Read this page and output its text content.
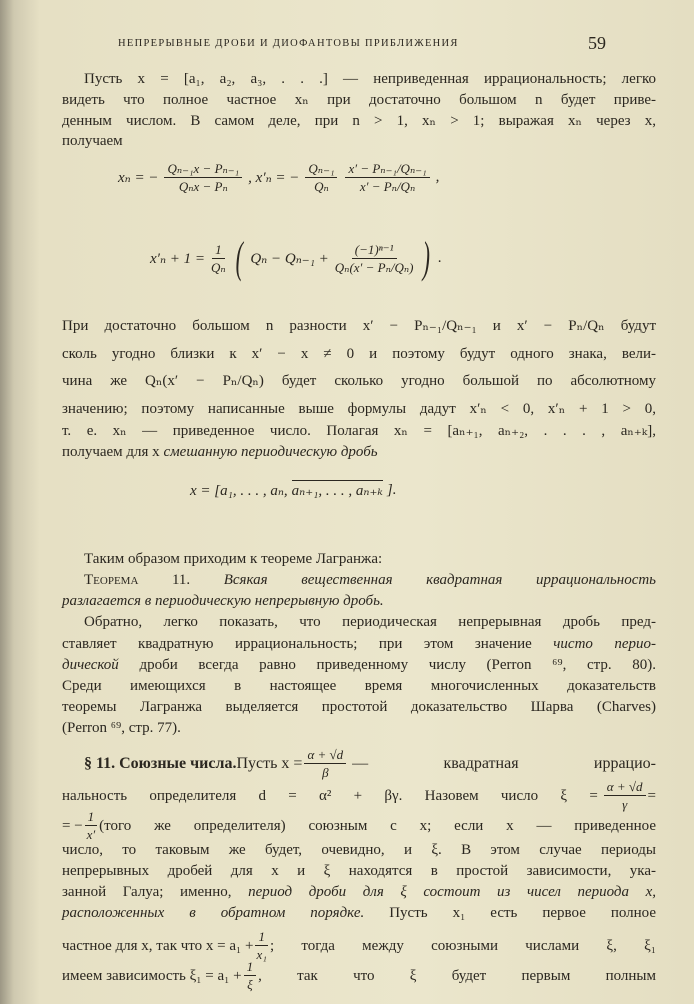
НЕПРЕРЫВНЫЕ ДРОБИ И ДИОФАНТОВЫ ПРИБЛИЖЕНИЯ	59
Пусть x = [a₁, a₂, a₃, . . .] — неприведенная иррациональность; легко
видеть что полное частное xₙ при достаточно большом n будет приве-
денным числом. В самом деле, при n > 1, xₙ > 1; выражая xₙ через x,
получаем
xₙ = −
Qₙ₋₁x − Pₙ₋₁
Qₙx − Pₙ
, x′ₙ = − $\frac{\text{Qₙ₋₁}}{\text{Qₙ}} x' - P_{n-1}/Q_{n-1}$
x′ − Pₙ/Qₙ
,
$x'_n + 1 = \frac{1}{\text{Qₙ}}$ ( $Q_n - Q_{n-1} + \frac{\text{(−1)ⁿ⁻¹}}{\text{Qₙ(x′ − Pₙ/Qₙ)}}$ ) .
При достаточно большом n разности x′ − Pₙ₋₁/Qₙ₋₁ и x′ − Pₙ/Qₙ будут
сколь угодно близки к x′ − x ≠ 0 и поэтому будут одного знака, вели-
чина же Qₙ(x′ − Pₙ/Qₙ) будет сколько угодно большой по абсолютному
значению; поэтому написанные выше формулы дадут x′ₙ < 0, x′ₙ + 1 > 0,
т. е. xₙ — приведенное число. Полагая xₙ = [aₙ₊₁, aₙ₊₂, . . . , aₙ₊ₖ],
получаем для x смешанную периодическую дробь
x = [a₁, . . . , aₙ, aₙ₊₁, . . . , aₙ₊ₖ ].
Таким образом приходим к теореме Лагранжа:
Теорема 11. Всякая вещественная квадратная иррациональность
разлагается в периодическую непрерывную дробь.
Обратно, легко показать, что периодическая непрерывная дробь пред-
ставляет квадратную иррациональность; при этом значение чисто перио-
дической дроби всегда равно приведенному числу (Perron ⁶⁹, стр. 80).
Среди имеющихся в настоящее время многочисленных доказательств
теоремы Лагранжа выделяется простотой доказательство Шарва (Charves)
(Perron ⁶⁹, стр. 77).
§ 11. Союзные числа. Пусть $x = \frac{\alpha + √d}{\beta}$ — квадратная иррацио-
нальность определителя d = α² + βγ. Назовем число $\xi = \frac{\alpha + √d}{\gamma}$ =
= − $\frac{1}{x'}$ (того же определителя) союзным с x; если x — приведенное
число, то таковым же будет, очевидно, и ξ. В этом случае периоды
непрерывных дробей для x и ξ находятся в простой зависимости, ука-
занной Галуа; именно, период дроби для ξ состоит из чисел периода x,
расположенных в обратном порядке. Пусть x₁ есть первое полное
частное для x, так что $x = a_1 + \frac{1}{\text{x₁}}$ ; тогда между союзными числами ξ, ξ₁
имеем зависимость $\xi_1 = a_1 + \frac{1}{\xi}$ , так что ξ будет первым полным
